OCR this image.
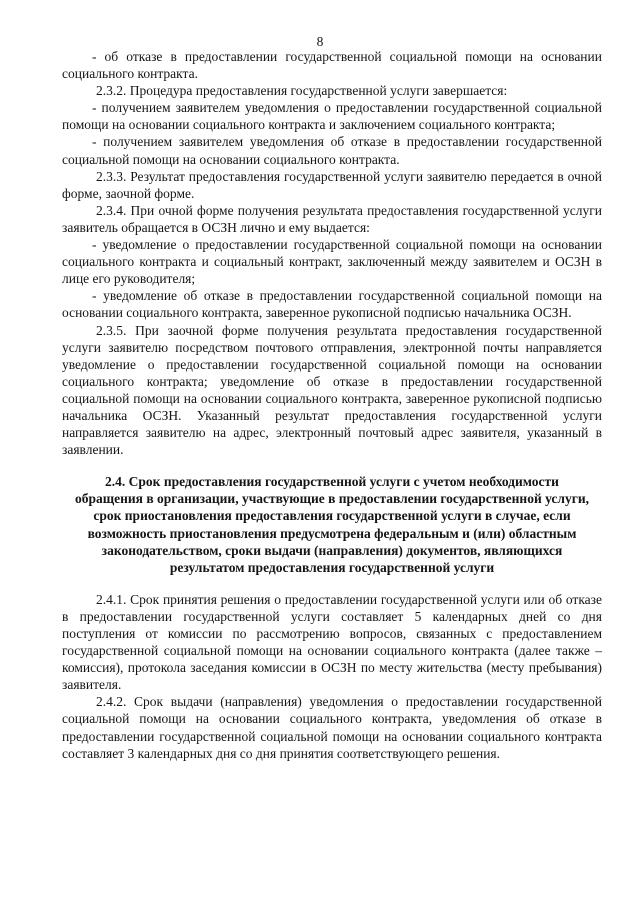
8

- об отказе в предоставлении государственной социальной помощи на основании социального контракта.

2.3.2. Процедура предоставления государственной услуги завершается:

- получением заявителем уведомления о предоставлении государственной социальной помощи на основании социального контракта и заключением социального контракта;

- получением заявителем уведомления об отказе в предоставлении государственной социальной помощи на основании социального контракта.

2.3.3. Результат предоставления государственной услуги заявителю передается в очной форме, заочной форме.

2.3.4. При очной форме получения результата предоставления государственной услуги заявитель обращается в ОСЗН лично и ему выдается:

- уведомление о предоставлении государственной социальной помощи на основании социального контракта и социальный контракт, заключенный между заявителем и ОСЗН в лице его руководителя;

- уведомление об отказе в предоставлении государственной социальной помощи на основании социального контракта, заверенное рукописной подписью начальника ОСЗН.

2.3.5. При заочной форме получения результата предоставления государственной услуги заявителю посредством почтового отправления, электронной почты направляется уведомление о предоставлении государственной социальной помощи на основании социального контракта; уведомление об отказе в предоставлении государственной социальной помощи на основании социального контракта, заверенное рукописной подписью начальника ОСЗН. Указанный результат предоставления государственной услуги направляется заявителю на адрес, электронный почтовый адрес заявителя, указанный в заявлении.

2.4. Срок предоставления государственной услуги с учетом необходимости обращения в организации, участвующие в предоставлении государственной услуги, срок приостановления предоставления государственной услуги в случае, если возможность приостановления предусмотрена федеральным и (или) областным законодательством, сроки выдачи (направления) документов, являющихся результатом предоставления государственной услуги

2.4.1. Срок принятия решения о предоставлении государственной услуги или об отказе в предоставлении государственной услуги составляет 5 календарных дней со дня поступления от комиссии по рассмотрению вопросов, связанных с предоставлением государственной социальной помощи на основании социального контракта (далее также – комиссия), протокола заседания комиссии в ОСЗН по месту жительства (месту пребывания) заявителя.

2.4.2. Срок выдачи (направления) уведомления о предоставлении государственной социальной помощи на основании социального контракта, уведомления об отказе в предоставлении государственной социальной помощи на основании социального контракта составляет 3 календарных дня со дня принятия соответствующего решения.
